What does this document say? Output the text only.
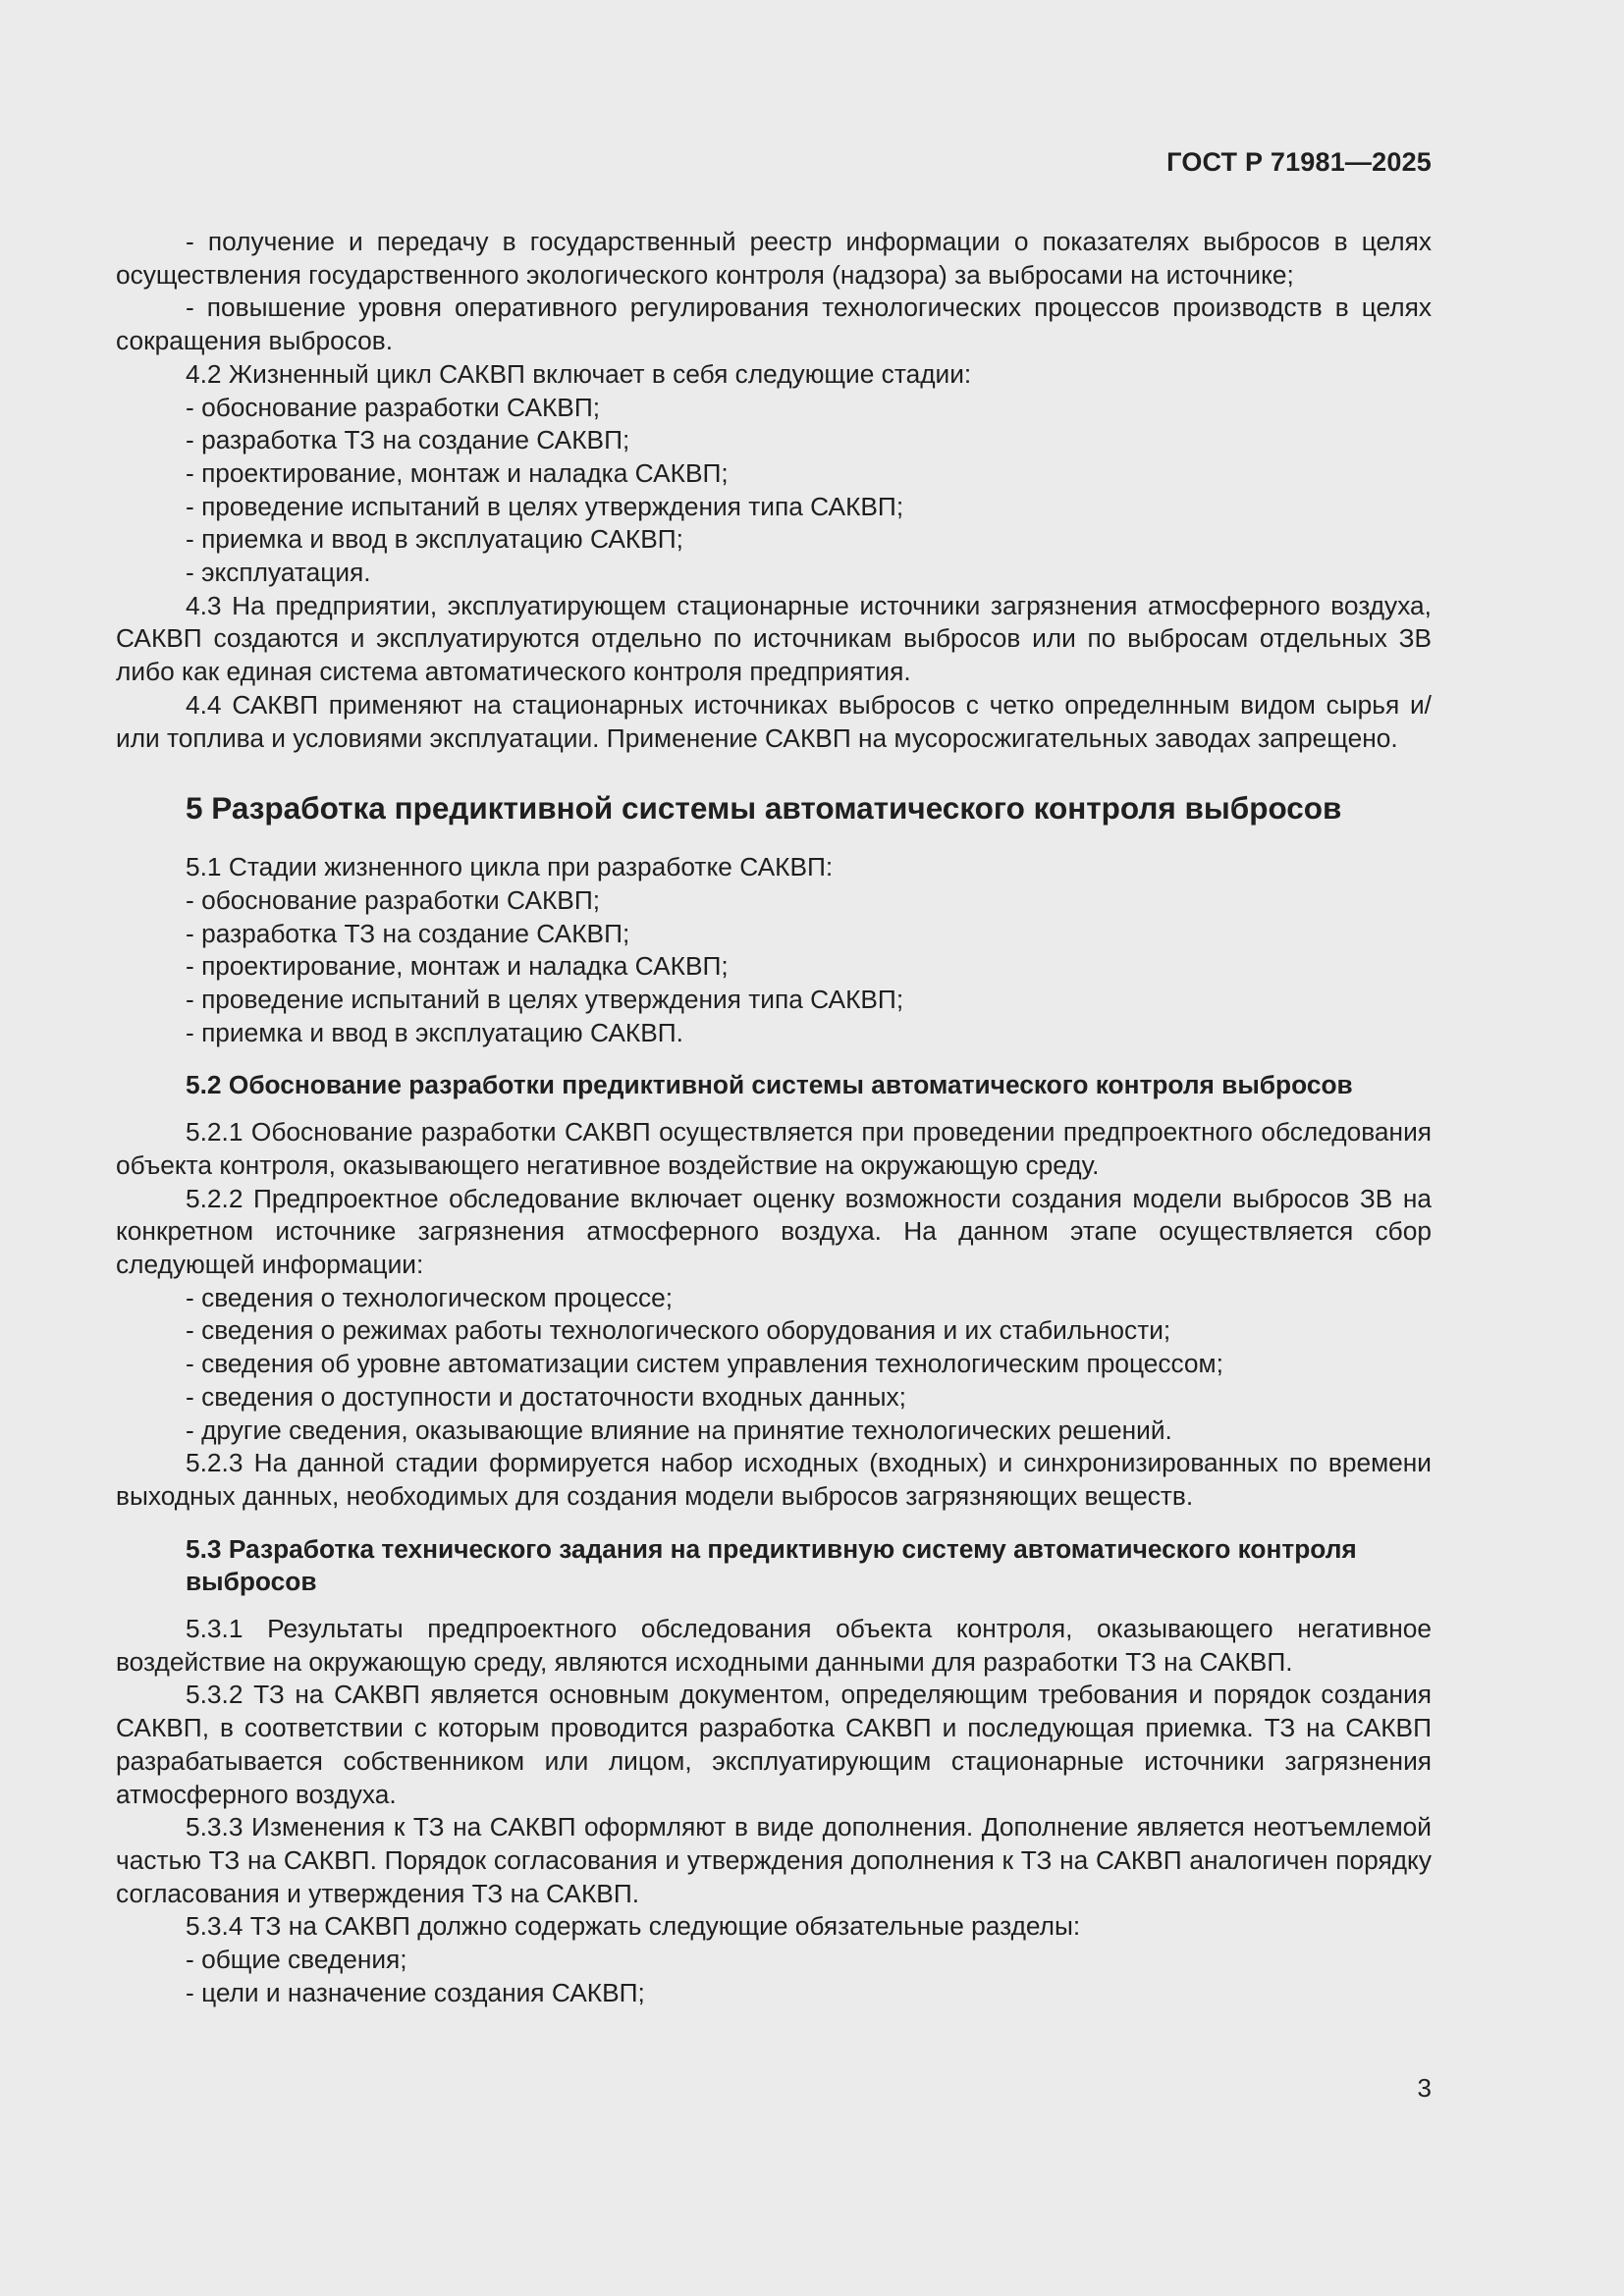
ГОСТ Р 71981—2025

- получение и передачу в государственный реестр информации о показателях выбросов в целях осуществления государственного экологического контроля (надзора) за выбросами на источнике;

- повышение уровня оперативного регулирования технологических процессов производств в целях сокращения выбросов.

4.2 Жизненный цикл САКВП включает в себя следующие стадии:

- обоснование разработки САКВП;

- разработка ТЗ на создание САКВП;

- проектирование, монтаж и наладка САКВП;

- проведение испытаний в целях утверждения типа САКВП;

- приемка и ввод в эксплуатацию САКВП;

- эксплуатация.

4.3 На предприятии, эксплуатирующем стационарные источники загрязнения атмосферного воздуха, САКВП создаются и эксплуатируются отдельно по источникам выбросов или по выбросам отдельных ЗВ либо как единая система автоматического контроля предприятия.

4.4 САКВП применяют на стационарных источниках выбросов с четко определнным видом сырья и/или топлива и условиями эксплуатации. Применение САКВП на мусоросжигательных заводах запрещено.

5 Разработка предиктивной системы автоматического контроля выбросов

5.1 Стадии жизненного цикла при разработке САКВП:

- обоснование разработки САКВП;

- разработка ТЗ на создание САКВП;

- проектирование, монтаж и наладка САКВП;

- проведение испытаний в целях утверждения типа САКВП;

- приемка и ввод в эксплуатацию САКВП.

5.2 Обоснование разработки предиктивной системы автоматического контроля выбросов

5.2.1 Обоснование разработки САКВП осуществляется при проведении предпроектного обследования объекта контроля, оказывающего негативное воздействие на окружающую среду.

5.2.2 Предпроектное обследование включает оценку возможности создания модели выбросов ЗВ на конкретном источнике загрязнения атмосферного воздуха. На данном этапе осуществляется сбор следующей информации:

- сведения о технологическом процессе;

- сведения о режимах работы технологического оборудования и их стабильности;

- сведения об уровне автоматизации систем управления технологическим процессом;

- сведения о доступности и достаточности входных данных;

- другие сведения, оказывающие влияние на принятие технологических решений.

5.2.3 На данной стадии формируется набор исходных (входных) и синхронизированных по времени выходных данных, необходимых для создания модели выбросов загрязняющих веществ.

5.3 Разработка технического задания на предиктивную систему автоматического контроля выбросов

5.3.1 Результаты предпроектного обследования объекта контроля, оказывающего негативное воздействие на окружающую среду, являются исходными данными для разработки ТЗ на САКВП.

5.3.2 ТЗ на САКВП является основным документом, определяющим требования и порядок создания САКВП, в соответствии с которым проводится разработка САКВП и последующая приемка. ТЗ на САКВП разрабатывается собственником или лицом, эксплуатирующим стационарные источники загрязнения атмосферного воздуха.

5.3.3 Изменения к ТЗ на САКВП оформляют в виде дополнения. Дополнение является неотъемлемой частью ТЗ на САКВП. Порядок согласования и утверждения дополнения к ТЗ на САКВП аналогичен порядку согласования и утверждения ТЗ на САКВП.

5.3.4 ТЗ на САКВП должно содержать следующие обязательные разделы:

- общие сведения;

- цели и назначение создания САКВП;

3
